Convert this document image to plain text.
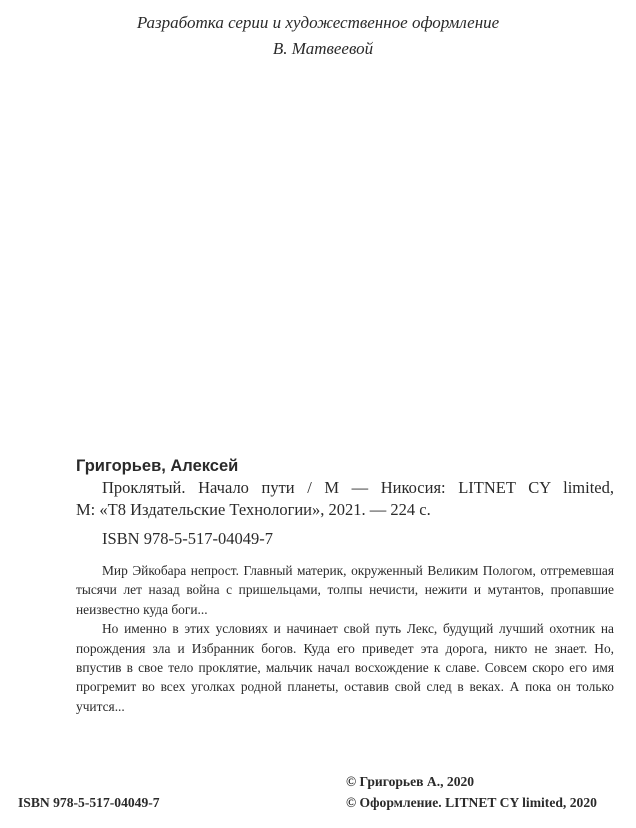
Разработка серии и художественное оформление
В. Матвеевой
Григорьев, Алексей

Проклятый. Начало пути / М — Никосия: LITNET CY limited,
М: «Т8 Издательские Технологии», 2021. — 224 с.

ISBN 978-5-517-04049-7

Мир Эйкобара непрост. Главный материк, окруженный Великим Пологом, отгремевшая тысячи лет назад война с пришельцами, толпы нечисти, нежити и мутантов, пропавшие неизвестно куда боги...

Но именно в этих условиях и начинает свой путь Лекс, будущий лучший охотник на порождения зла и Избранник богов. Куда его приведет эта дорога, никто не знает. Но, впустив в свое тело проклятие, мальчик начал восхождение к славе. Совсем скоро его имя прогремит во всех уголках родной планеты, оставив свой след в веках. А пока он только учится...

© Григорьев А., 2020
© Оформление. LITNET CY limited, 2020
ISBN 978-5-517-04049-7
